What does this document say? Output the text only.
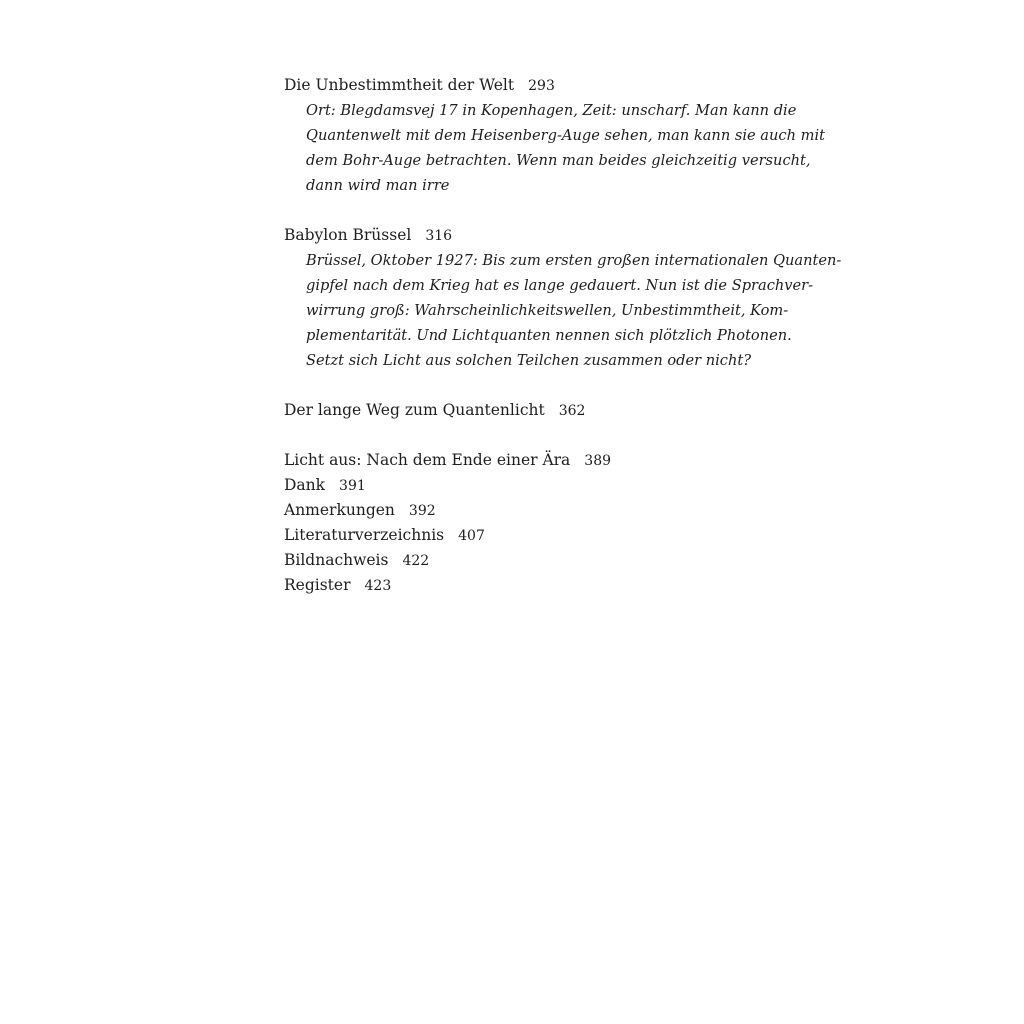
Die Unbestimmtheit der Welt 293
Ort: Blegdamsvej 17 in Kopenhagen, Zeit: unscharf. Man kann die
Quantenwelt mit dem Heisenberg-Auge sehen, man kann sie auch mit
dem Bohr-Auge betrachten. Wenn man beides gleichzeitig versucht,
dann wird man irre
Babylon Brüssel 316
Brüssel, Oktober 1927: Bis zum ersten großen internationalen Quanten-
gipfel nach dem Krieg hat es lange gedauert. Nun ist die Sprachver-
wirrung groß: Wahrscheinlichkeitswellen, Unbestimmtheit, Kom-
plementarität. Und Lichtquanten nennen sich plötzlich Photonen.
Setzt sich Licht aus solchen Teilchen zusammen oder nicht?
Der lange Weg zum Quantenlicht 362
Licht aus: Nach dem Ende einer Ära 389
Dank 391
Anmerkungen 392
Literaturverzeichnis 407
Bildnachweis 422
Register 423
